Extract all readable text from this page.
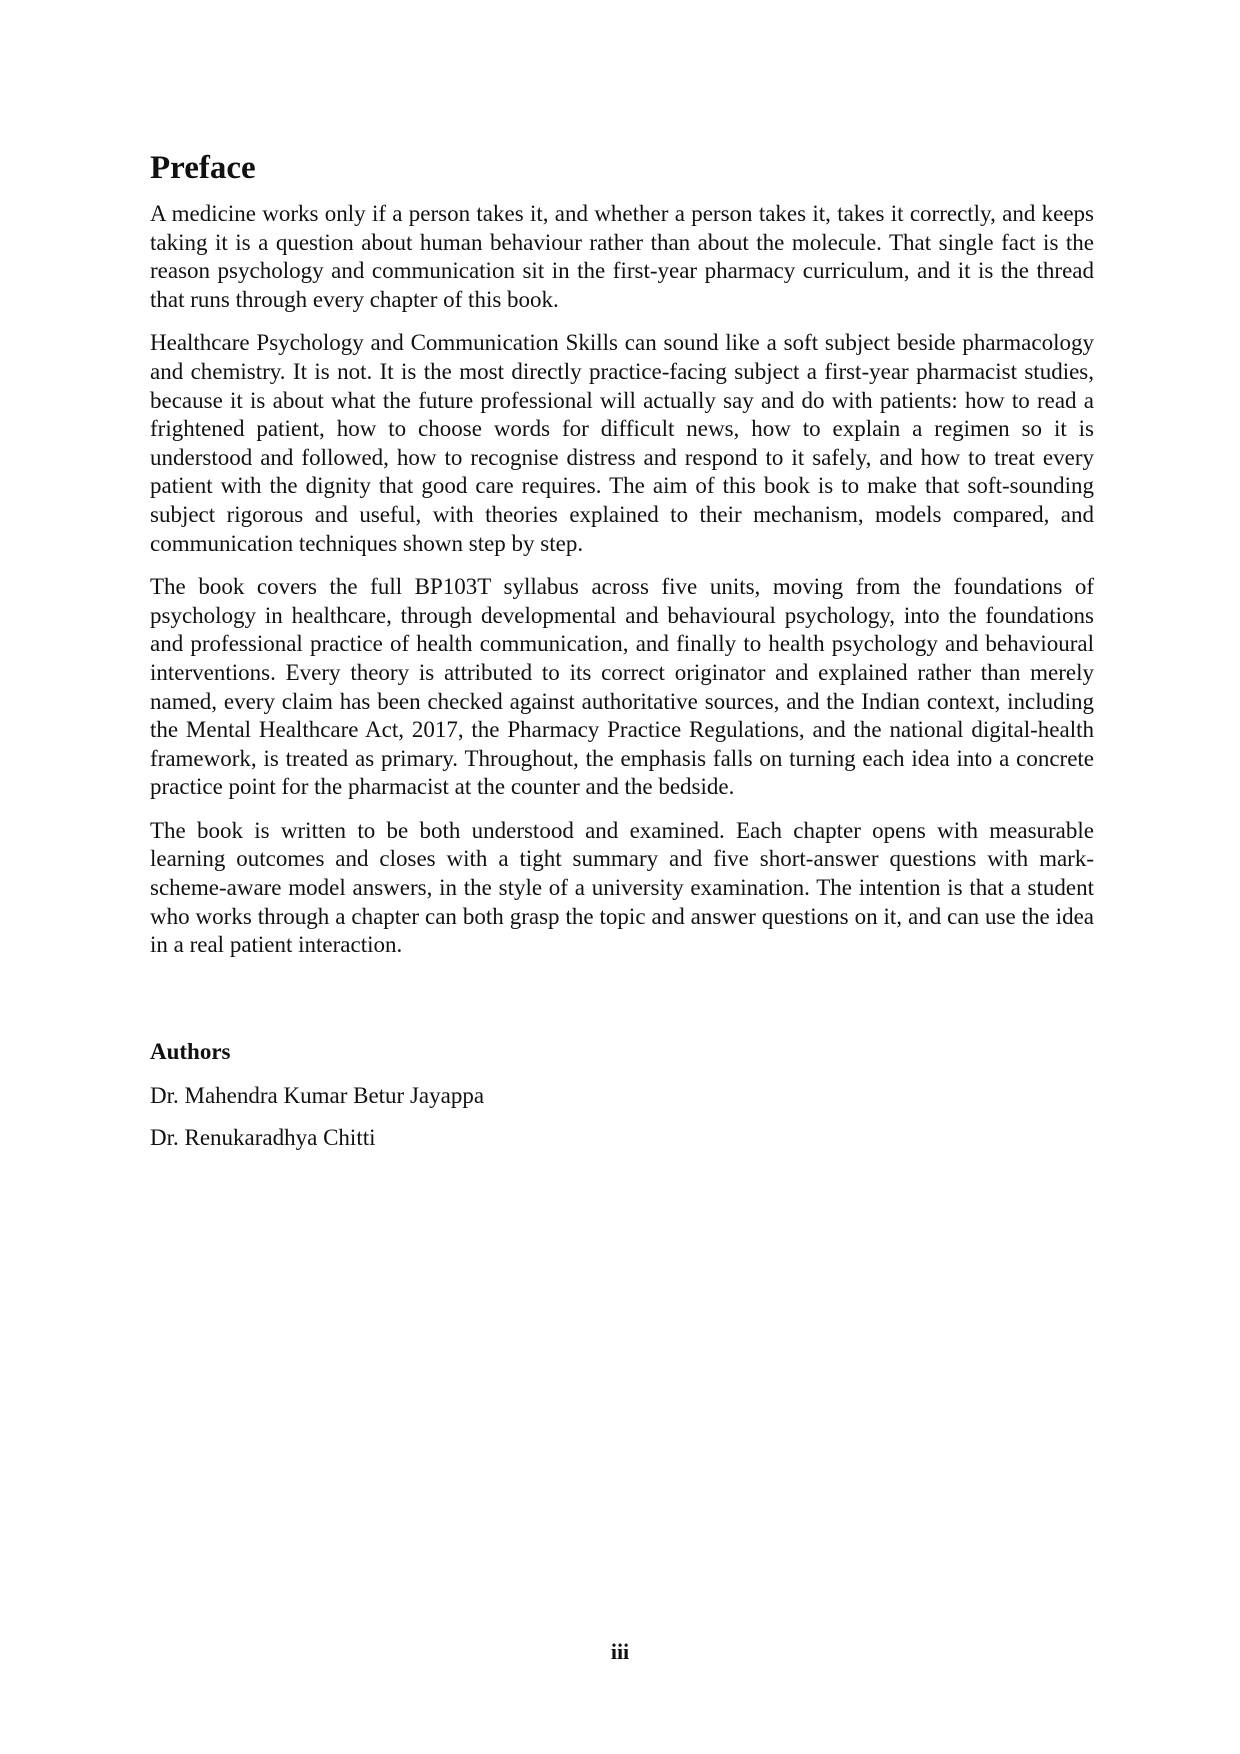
Preface

A medicine works only if a person takes it, and whether a person takes it, takes it correctly, and keeps taking it is a question about human behaviour rather than about the molecule. That single fact is the reason psychology and communication sit in the first-year pharmacy curriculum, and it is the thread that runs through every chapter of this book.

Healthcare Psychology and Communication Skills can sound like a soft subject beside pharmacology and chemistry. It is not. It is the most directly practice-facing subject a first-year pharmacist studies, because it is about what the future professional will actually say and do with patients: how to read a frightened patient, how to choose words for difficult news, how to explain a regimen so it is understood and followed, how to recognise distress and respond to it safely, and how to treat every patient with the dignity that good care requires. The aim of this book is to make that soft-sounding subject rigorous and useful, with theories explained to their mechanism, models compared, and communication techniques shown step by step.

The book covers the full BP103T syllabus across five units, moving from the foundations of psychology in healthcare, through developmental and behavioural psychology, into the foundations and professional practice of health communication, and finally to health psychology and behavioural interventions. Every theory is attributed to its correct originator and explained rather than merely named, every claim has been checked against authoritative sources, and the Indian context, including the Mental Healthcare Act, 2017, the Pharmacy Practice Regulations, and the national digital-health framework, is treated as primary. Throughout, the emphasis falls on turning each idea into a concrete practice point for the pharmacist at the counter and the bedside.

The book is written to be both understood and examined. Each chapter opens with measurable learning outcomes and closes with a tight summary and five short-answer questions with mark-scheme-aware model answers, in the style of a university examination. The intention is that a student who works through a chapter can both grasp the topic and answer questions on it, and can use the idea in a real patient interaction.

Authors
Dr. Mahendra Kumar Betur Jayappa
Dr. Renukaradhya Chitti
iii
